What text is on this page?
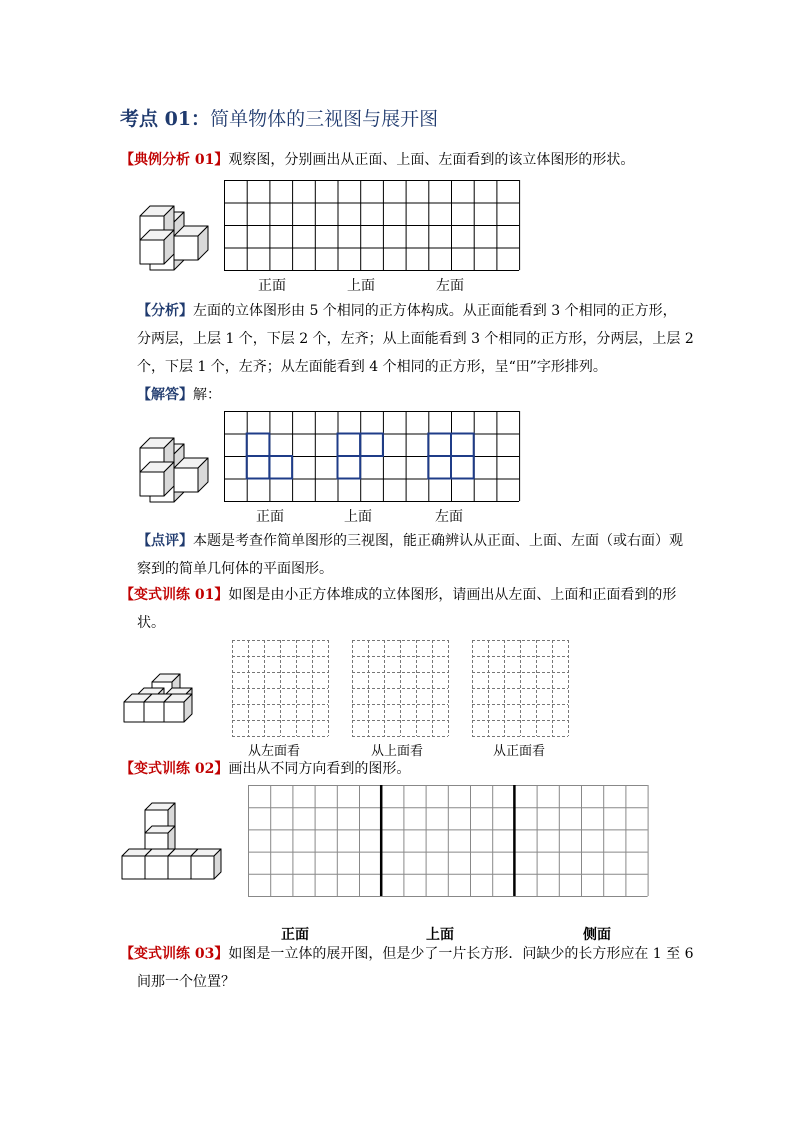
考点 01：简单物体的三视图与展开图
【典例分析 01】观察图，分别画出从正面、上面、左面看到的该立体图形的形状。
正面	上面	左面
【分析】左面的立体图形由 5 个相同的正方体构成。从正面能看到 3 个相同的正方形，
分两层，上层 1 个，下层 2 个，左齐；从上面能看到 3 个相同的正方形，分两层，上层 2
个，下层 1 个，左齐；从左面能看到 4 个相同的正方形，呈“田”字形排列。
【解答】解：
正面	上面	左面
【点评】本题是考查作简单图形的三视图，能正确辨认从正面、上面、左面（或右面）观
察到的简单几何体的平面图形。
【变式训练 01】如图是由小正方体堆成的立体图形，请画出从左面、上面和正面看到的形
状。
从左面看	从上面看	从正面看
【变式训练 02】画出从不同方向看到的图形。
正面	上面	侧面
【变式训练 03】如图是一立体的展开图，但是少了一片长方形．问缺少的长方形应在 1 至 6
间那一个位置？
